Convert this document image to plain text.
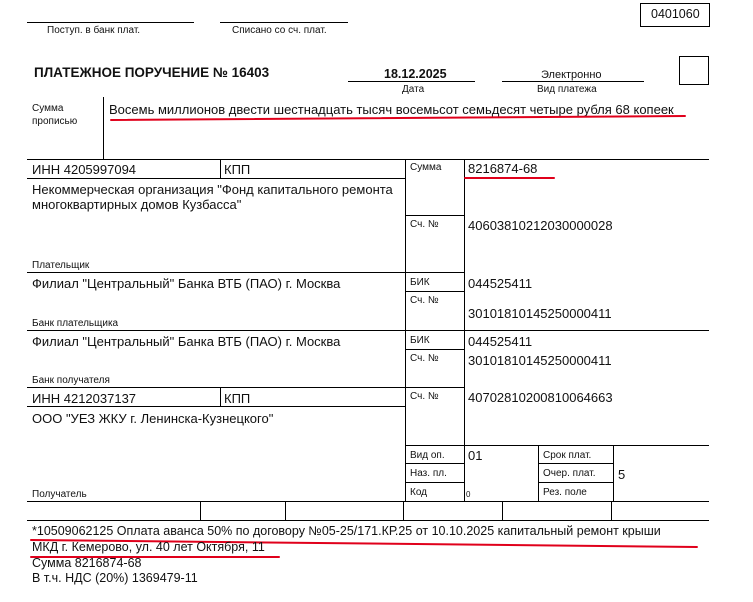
0401060
Поступ. в банк плат.	Списано со сч. плат.
ПЛАТЕЖНОЕ ПОРУЧЕНИЕ № 16403	18.12.2025
Дата
Электронно
Вид платежа
Сумма
прописью
Восемь миллионов двести шестнадцать тысяч восемьсот семьдесят четыре рубля 68 копеек
ИНН 4205997094	КПП
Некоммерческая организация "Фонд капитального ремонта
многоквартирных домов Кузбасса"
Плательщик
Сумма 8216874-68
Сч. № 40603810212030000028
Филиал "Центральный" Банка ВТБ (ПАО) г. Москва
Банк плательщика
БИК	044525411
Сч. №
30101810145250000411
Филиал "Центральный" Банка ВТБ (ПАО) г. Москва
Банк получателя
БИК	044525411
Сч. № 30101810145250000411
ИНН 4212037137	КПП
ООО "УЕЗ ЖКУ г. Ленинска-Кузнецкого"
Получатель
Сч. № 40702810200810064663
Вид оп. 01
Наз. пл.
Код	0
Срок плат.
Очер. плат. 5
Рез. поле
*10509062125 Оплата аванса 50% по договору №05-25/171.КР.25 от 10.10.2025 капитальный ремонт крыши
МКД г. Кемерово, ул. 40 лет Октября, 11
Сумма 8216874-68
В т.ч. НДС (20%) 1369479-11
